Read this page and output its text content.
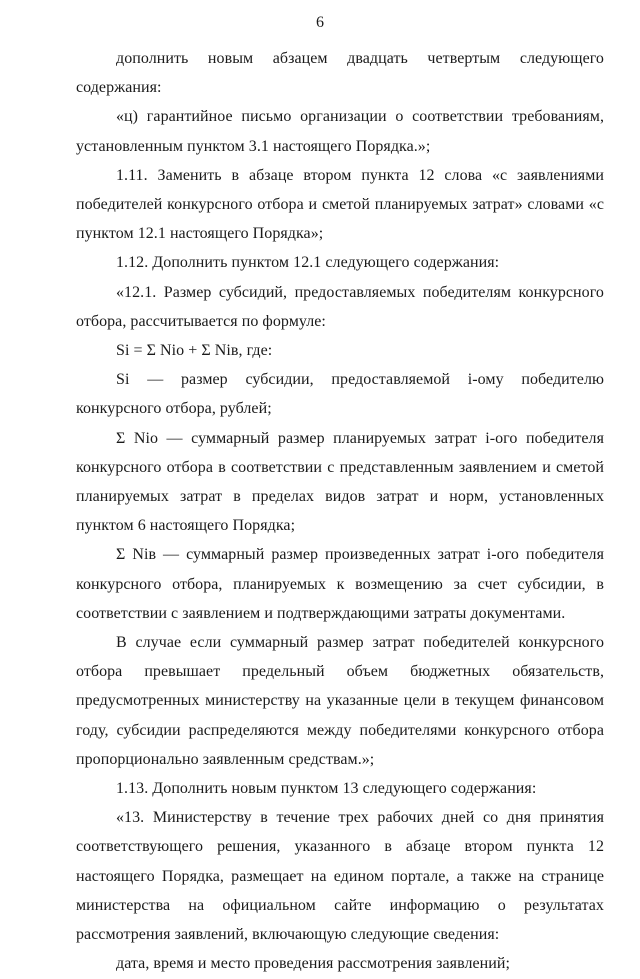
6

дополнить новым абзацем двадцать четвертым следующего содержания:

«ц) гарантийное письмо организации о соответствии требованиям, установленным пунктом 3.1 настоящего Порядка.»;

1.11. Заменить в абзаце втором пункта 12 слова «с заявлениями победителей конкурсного отбора и сметой планируемых затрат» словами «с пунктом 12.1 настоящего Порядка»;

1.12. Дополнить пунктом 12.1 следующего содержания:

«12.1. Размер субсидий, предоставляемых победителям конкурсного отбора, рассчитывается по формуле:

Si = Σ Nio + Σ Niв, где:

Si — размер субсидии, предоставляемой i-ому победителю конкурсного отбора, рублей;

Σ Nio — суммарный размер планируемых затрат i-ого победителя конкурсного отбора в соответствии с представленным заявлением и сметой планируемых затрат в пределах видов затрат и норм, установленных пунктом 6 настоящего Порядка;

Σ Niв — суммарный размер произведенных затрат i-ого победителя конкурсного отбора, планируемых к возмещению за счет субсидии, в соответствии с заявлением и подтверждающими затраты документами.

В случае если суммарный размер затрат победителей конкурсного отбора превышает предельный объем бюджетных обязательств, предусмотренных министерству на указанные цели в текущем финансовом году, субсидии распределяются между победителями конкурсного отбора пропорционально заявленным средствам.»;

1.13. Дополнить новым пунктом 13 следующего содержания:

«13. Министерству в течение трех рабочих дней со дня принятия соответствующего решения, указанного в абзаце втором пункта 12 настоящего Порядка, размещает на едином портале, а также на странице министерства на официальном сайте информацию о результатах рассмотрения заявлений, включающую следующие сведения:

дата, время и место проведения рассмотрения заявлений;
